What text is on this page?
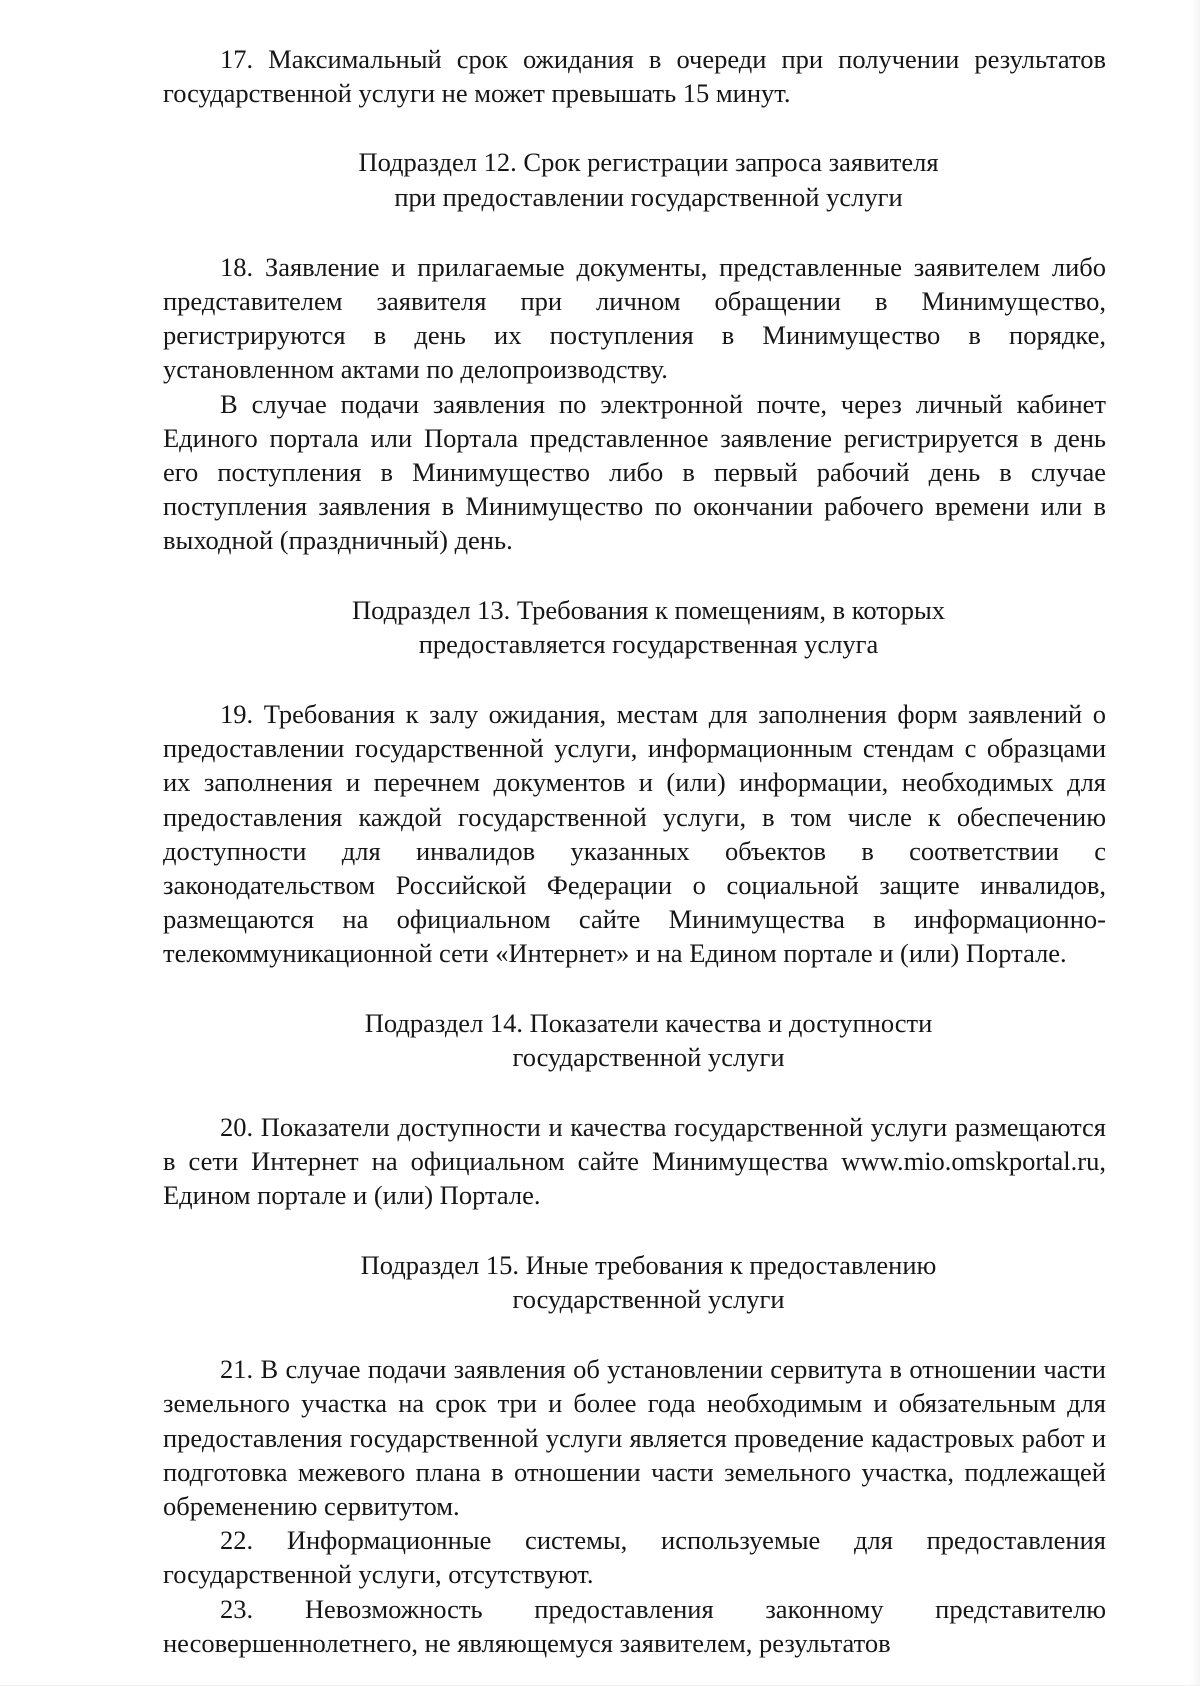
17. Максимальный срок ожидания в очереди при получении результатов государственной услуги не может превышать 15 минут.

Подраздел 12. Срок регистрации запроса заявителя
при предоставлении государственной услуги

18. Заявление и прилагаемые документы, представленные заявителем либо представителем заявителя при личном обращении в Минимущество, регистрируются в день их поступления в Минимущество в порядке, установленном актами по делопроизводству.

В случае подачи заявления по электронной почте, через личный кабинет Единого портала или Портала представленное заявление регистрируется в день его поступления в Минимущество либо в первый рабочий день в случае поступления заявления в Минимущество по окончании рабочего времени или в выходной (праздничный) день.

Подраздел 13. Требования к помещениям, в которых
предоставляется государственная услуга

19. Требования к залу ожидания, местам для заполнения форм заявлений о предоставлении государственной услуги, информационным стендам с образцами их заполнения и перечнем документов и (или) информации, необходимых для предоставления каждой государственной услуги, в том числе к обеспечению доступности для инвалидов указанных объектов в соответствии с законодательством Российской Федерации о социальной защите инвалидов, размещаются на официальном сайте Минимущества в информационно-телекоммуникационной сети «Интернет» и на Едином портале и (или) Портале.

Подраздел 14. Показатели качества и доступности
государственной услуги

20. Показатели доступности и качества государственной услуги размещаются в сети Интернет на официальном сайте Минимущества www.mio.omskportal.ru, Едином портале и (или) Портале.

Подраздел 15. Иные требования к предоставлению
государственной услуги

21. В случае подачи заявления об установлении сервитута в отношении части земельного участка на срок три и более года необходимым и обязательным для предоставления государственной услуги является проведение кадастровых работ и подготовка межевого плана в отношении части земельного участка, подлежащей обременению сервитутом.

22. Информационные системы, используемые для предоставления государственной услуги, отсутствуют.

23. Невозможность предоставления законному представителю несовершеннолетнего, не являющемуся заявителем, результатов
